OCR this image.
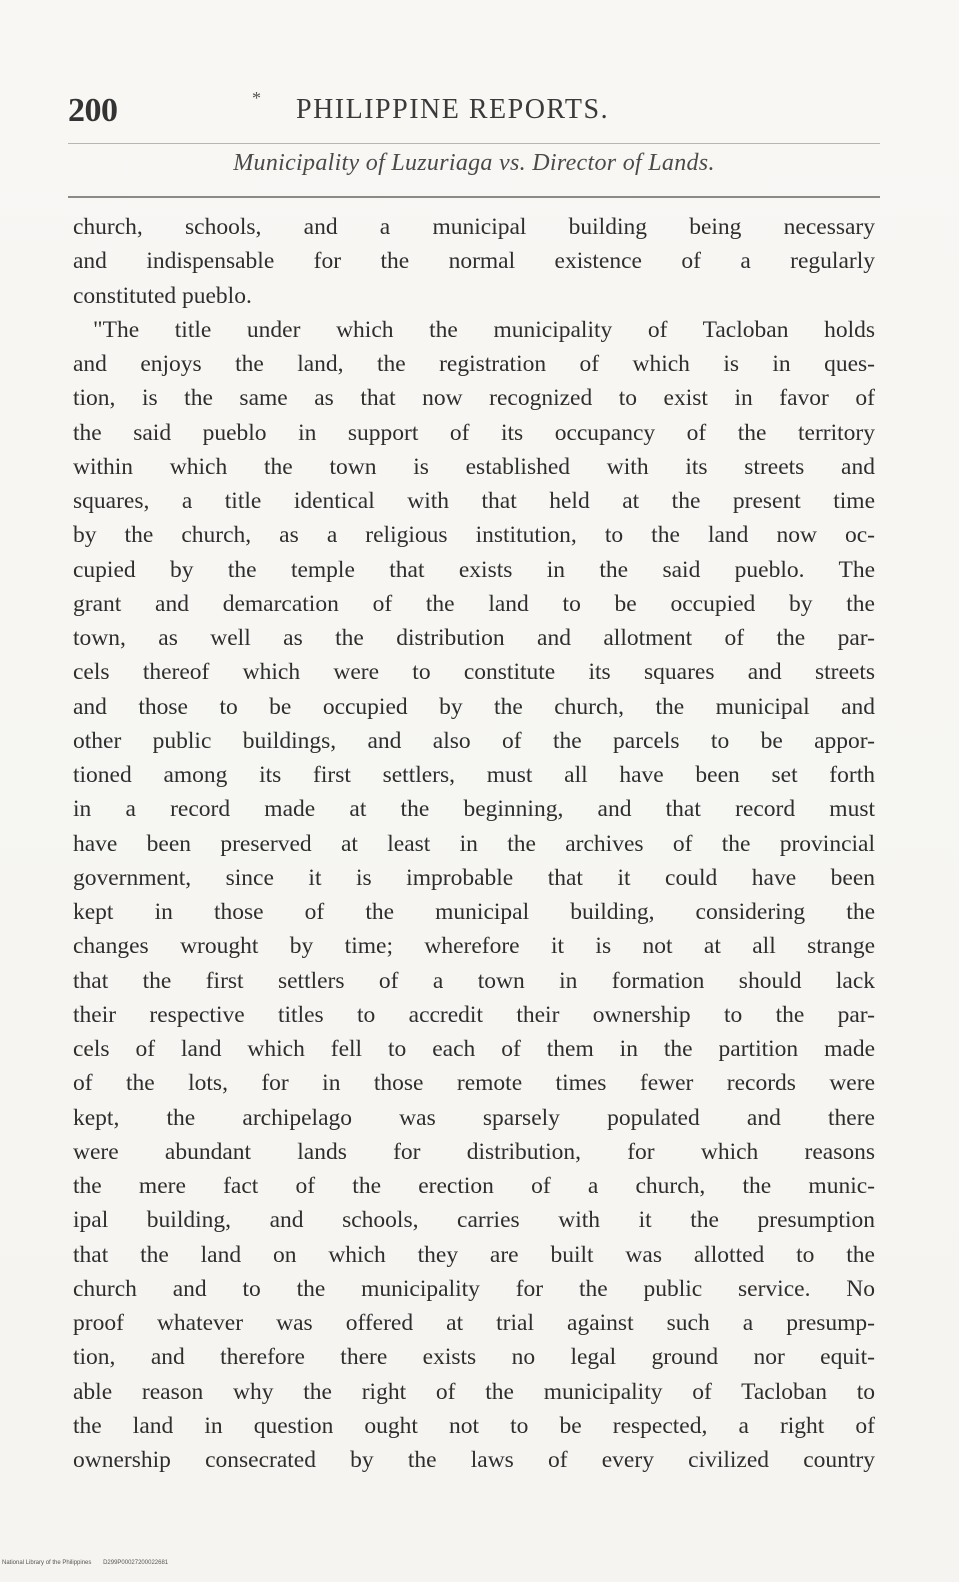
200	* PHILIPPINE REPORTS.
Municipality of Luzuriaga vs. Director of Lands.
church, schools, and a municipal building being necessary
and indispensable for the normal existence of a regularly
constituted pueblo.
"The title under which the municipality of Tacloban holds
and enjoys the land, the registration of which is in ques-
tion, is the same as that now recognized to exist in favor of
the said pueblo in support of its occupancy of the territory
within which the town is established with its streets and
squares, a title identical with that held at the present time
by the church, as a religious institution, to the land now oc-
cupied by the temple that exists in the said pueblo. The
grant and demarcation of the land to be occupied by the
town, as well as the distribution and allotment of the par-
cels thereof which were to constitute its squares and streets
and those to be occupied by the church, the municipal and
other public buildings, and also of the parcels to be appor-
tioned among its first settlers, must all have been set forth
in a record made at the beginning, and that record must
have been preserved at least in the archives of the provincial
government, since it is improbable that it could have been
kept in those of the municipal building, considering the
changes wrought by time; wherefore it is not at all strange
that the first settlers of a town in formation should lack
their respective titles to accredit their ownership to the par-
cels of land which fell to each of them in the partition made
of the lots, for in those remote times fewer records were
kept, the archipelago was sparsely populated and there
were abundant lands for distribution, for which reasons
the mere fact of the erection of a church, the munic-
ipal building, and schools, carries with it the presumption
that the land on which they are built was allotted to the
church and to the municipality for the public service. No
proof whatever was offered at trial against such a presump-
tion, and therefore there exists no legal ground nor equit-
able reason why the right of the municipality of Tacloban to
the land in question ought not to be respected, a right of
ownership consecrated by the laws of every civilized country
National Library of the Philippines D299P00027200022681
